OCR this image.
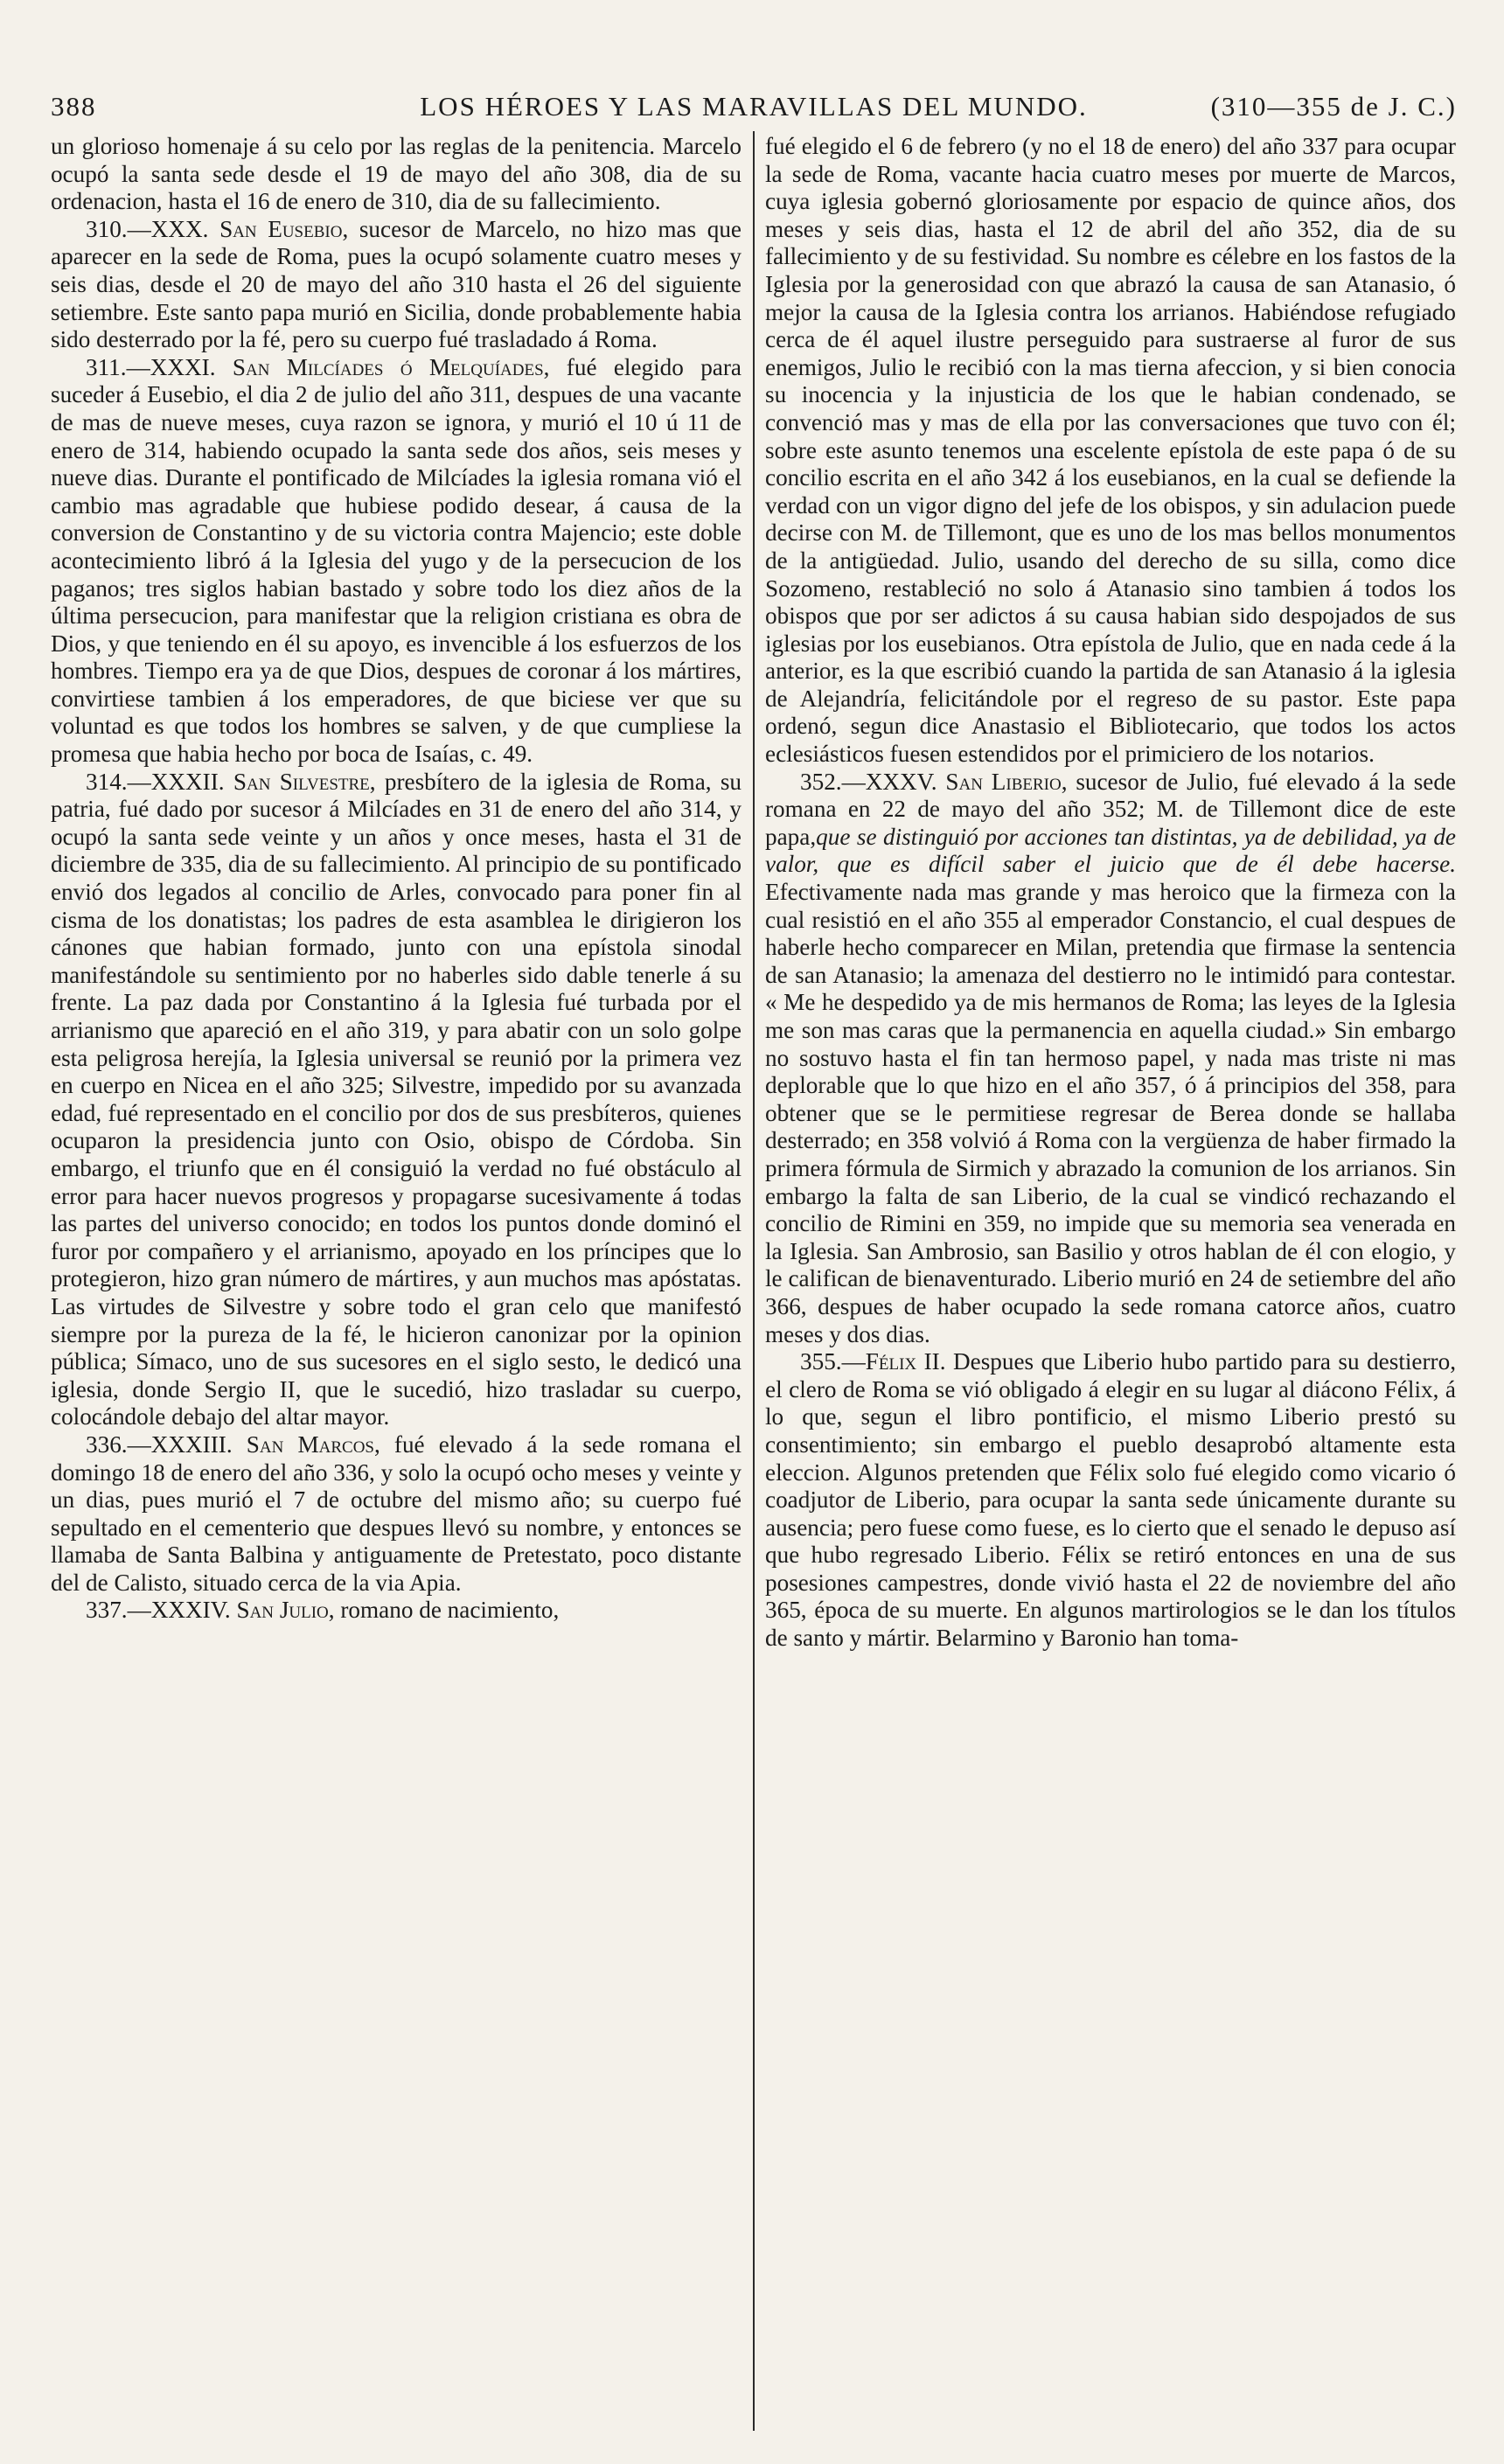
388	LOS HÉROES Y LAS MARAVILLAS DEL MUNDO.	(310—355 de J. C.)

un glorioso homenaje á su celo por las reglas de la penitencia. Marcelo ocupó la santa sede desde el 19 de mayo del año 308, dia de su ordenacion, hasta el 16 de enero de 310, dia de su fallecimiento.

310.—XXX. San Eusebio, sucesor de Marcelo, no hizo mas que aparecer en la sede de Roma, pues la ocupó solamente cuatro meses y seis dias, desde el 20 de mayo del año 310 hasta el 26 del siguiente setiembre. Este santo papa murió en Sicilia, donde probablemente habia sido desterrado por la fé, pero su cuerpo fué trasladado á Roma.

311.—XXXI. San Milcíades ó Melquíades, fué elegido para suceder á Eusebio, el dia 2 de julio del año 311, despues de una vacante de mas de nueve meses, cuya razon se ignora, y murió el 10 ú 11 de enero de 314, habiendo ocupado la santa sede dos años, seis meses y nueve dias. Durante el pontificado de Milcíades la iglesia romana vió el cambio mas agradable que hubiese podido desear, á causa de la conversion de Constantino y de su victoria contra Majencio; este doble acontecimiento libró á la Iglesia del yugo y de la persecucion de los paganos; tres siglos habian bastado y sobre todo los diez años de la última persecucion, para manifestar que la religion cristiana es obra de Dios, y que teniendo en él su apoyo, es invencible á los esfuerzos de los hombres. Tiempo era ya de que Dios, despues de coronar á los mártires, convirtiese tambien á los emperadores, de que biciese ver que su voluntad es que todos los hombres se salven, y de que cumpliese la promesa que habia hecho por boca de Isaías, c. 49.

314.—XXXII. San Silvestre, presbítero de la iglesia de Roma, su patria, fué dado por sucesor á Milcíades en 31 de enero del año 314, y ocupó la santa sede veinte y un años y once meses, hasta el 31 de diciembre de 335, dia de su fallecimiento. Al principio de su pontificado envió dos legados al concilio de Arles, convocado para poner fin al cisma de los donatistas; los padres de esta asamblea le dirigieron los cánones que habian formado, junto con una epístola sinodal manifestándole su sentimiento por no haberles sido dable tenerle á su frente. La paz dada por Constantino á la Iglesia fué turbada por el arrianismo que apareció en el año 319, y para abatir con un solo golpe esta peligrosa herejía, la Iglesia universal se reunió por la primera vez en cuerpo en Nicea en el año 325; Silvestre, impedido por su avanzada edad, fué representado en el concilio por dos de sus presbíteros, quienes ocuparon la presidencia junto con Osio, obispo de Córdoba. Sin embargo, el triunfo que en él consiguió la verdad no fué obstáculo al error para hacer nuevos progresos y propagarse sucesivamente á todas las partes del universo conocido; en todos los puntos donde dominó el furor por compañero y el arrianismo, apoyado en los príncipes que lo protegieron, hizo gran número de mártires, y aun muchos mas apóstatas. Las virtudes de Silvestre y sobre todo el gran celo que manifestó siempre por la pureza de la fé, le hicieron canonizar por la opinion pública; Símaco, uno de sus sucesores en el siglo sesto, le dedicó una iglesia, donde Sergio II, que le sucedió, hizo trasladar su cuerpo, colocándole debajo del altar mayor.

336.—XXXIII. San Marcos, fué elevado á la sede romana el domingo 18 de enero del año 336, y solo la ocupó ocho meses y veinte y un dias, pues murió el 7 de octubre del mismo año; su cuerpo fué sepultado en el cementerio que despues llevó su nombre, y entonces se llamaba de Santa Balbina y antiguamente de Pretestato, poco distante del de Calisto, situado cerca de la via Apia.

337.—XXXIV. San Julio, romano de nacimiento,

fué elegido el 6 de febrero (y no el 18 de enero) del año 337 para ocupar la sede de Roma, vacante hacia cuatro meses por muerte de Marcos, cuya iglesia gobernó gloriosamente por espacio de quince años, dos meses y seis dias, hasta el 12 de abril del año 352, dia de su fallecimiento y de su festividad. Su nombre es célebre en los fastos de la Iglesia por la generosidad con que abrazó la causa de san Atanasio, ó mejor la causa de la Iglesia contra los arrianos. Habiéndose refugiado cerca de él aquel ilustre perseguido para sustraerse al furor de sus enemigos, Julio le recibió con la mas tierna afeccion, y si bien conocia su inocencia y la injusticia de los que le habian condenado, se convenció mas y mas de ella por las conversaciones que tuvo con él; sobre este asunto tenemos una escelente epístola de este papa ó de su concilio escrita en el año 342 á los eusebianos, en la cual se defiende la verdad con un vigor digno del jefe de los obispos, y sin adulacion puede decirse con M. de Tillemont, que es uno de los mas bellos monumentos de la antigüedad. Julio, usando del derecho de su silla, como dice Sozomeno, restableció no solo á Atanasio sino tambien á todos los obispos que por ser adictos á su causa habian sido despojados de sus iglesias por los eusebianos. Otra epístola de Julio, que en nada cede á la anterior, es la que escribió cuando la partida de san Atanasio á la iglesia de Alejandría, felicitándole por el regreso de su pastor. Este papa ordenó, segun dice Anastasio el Bibliotecario, que todos los actos eclesiásticos fuesen estendidos por el primiciero de los notarios.

352.—XXXV. San Liberio, sucesor de Julio, fué elevado á la sede romana en 22 de mayo del año 352; M. de Tillemont dice de este papa,que se distinguió por acciones tan distintas, ya de debilidad, ya de valor, que es difícil saber el juicio que de él debe hacerse. Efectivamente nada mas grande y mas heroico que la firmeza con la cual resistió en el año 355 al emperador Constancio, el cual despues de haberle hecho comparecer en Milan, pretendia que firmase la sentencia de san Atanasio; la amenaza del destierro no le intimidó para contestar. « Me he despedido ya de mis hermanos de Roma; las leyes de la Iglesia me son mas caras que la permanencia en aquella ciudad.» Sin embargo no sostuvo hasta el fin tan hermoso papel, y nada mas triste ni mas deplorable que lo que hizo en el año 357, ó á principios del 358, para obtener que se le permitiese regresar de Berea donde se hallaba desterrado; en 358 volvió á Roma con la vergüenza de haber firmado la primera fórmula de Sirmich y abrazado la comunion de los arrianos. Sin embargo la falta de san Liberio, de la cual se vindicó rechazando el concilio de Rimini en 359, no impide que su memoria sea venerada en la Iglesia. San Ambrosio, san Basilio y otros hablan de él con elogio, y le califican de bienaventurado. Liberio murió en 24 de setiembre del año 366, despues de haber ocupado la sede romana catorce años, cuatro meses y dos dias.

355.—Félix II. Despues que Liberio hubo partido para su destierro, el clero de Roma se vió obligado á elegir en su lugar al diácono Félix, á lo que, segun el libro pontificio, el mismo Liberio prestó su consentimiento; sin embargo el pueblo desaprobó altamente esta eleccion. Algunos pretenden que Félix solo fué elegido como vicario ó coadjutor de Liberio, para ocupar la santa sede únicamente durante su ausencia; pero fuese como fuese, es lo cierto que el senado le depuso así que hubo regresado Liberio. Félix se retiró entonces en una de sus posesiones campestres, donde vivió hasta el 22 de noviembre del año 365, época de su muerte. En algunos martirologios se le dan los títulos de santo y mártir. Belarmino y Baronio han toma-
